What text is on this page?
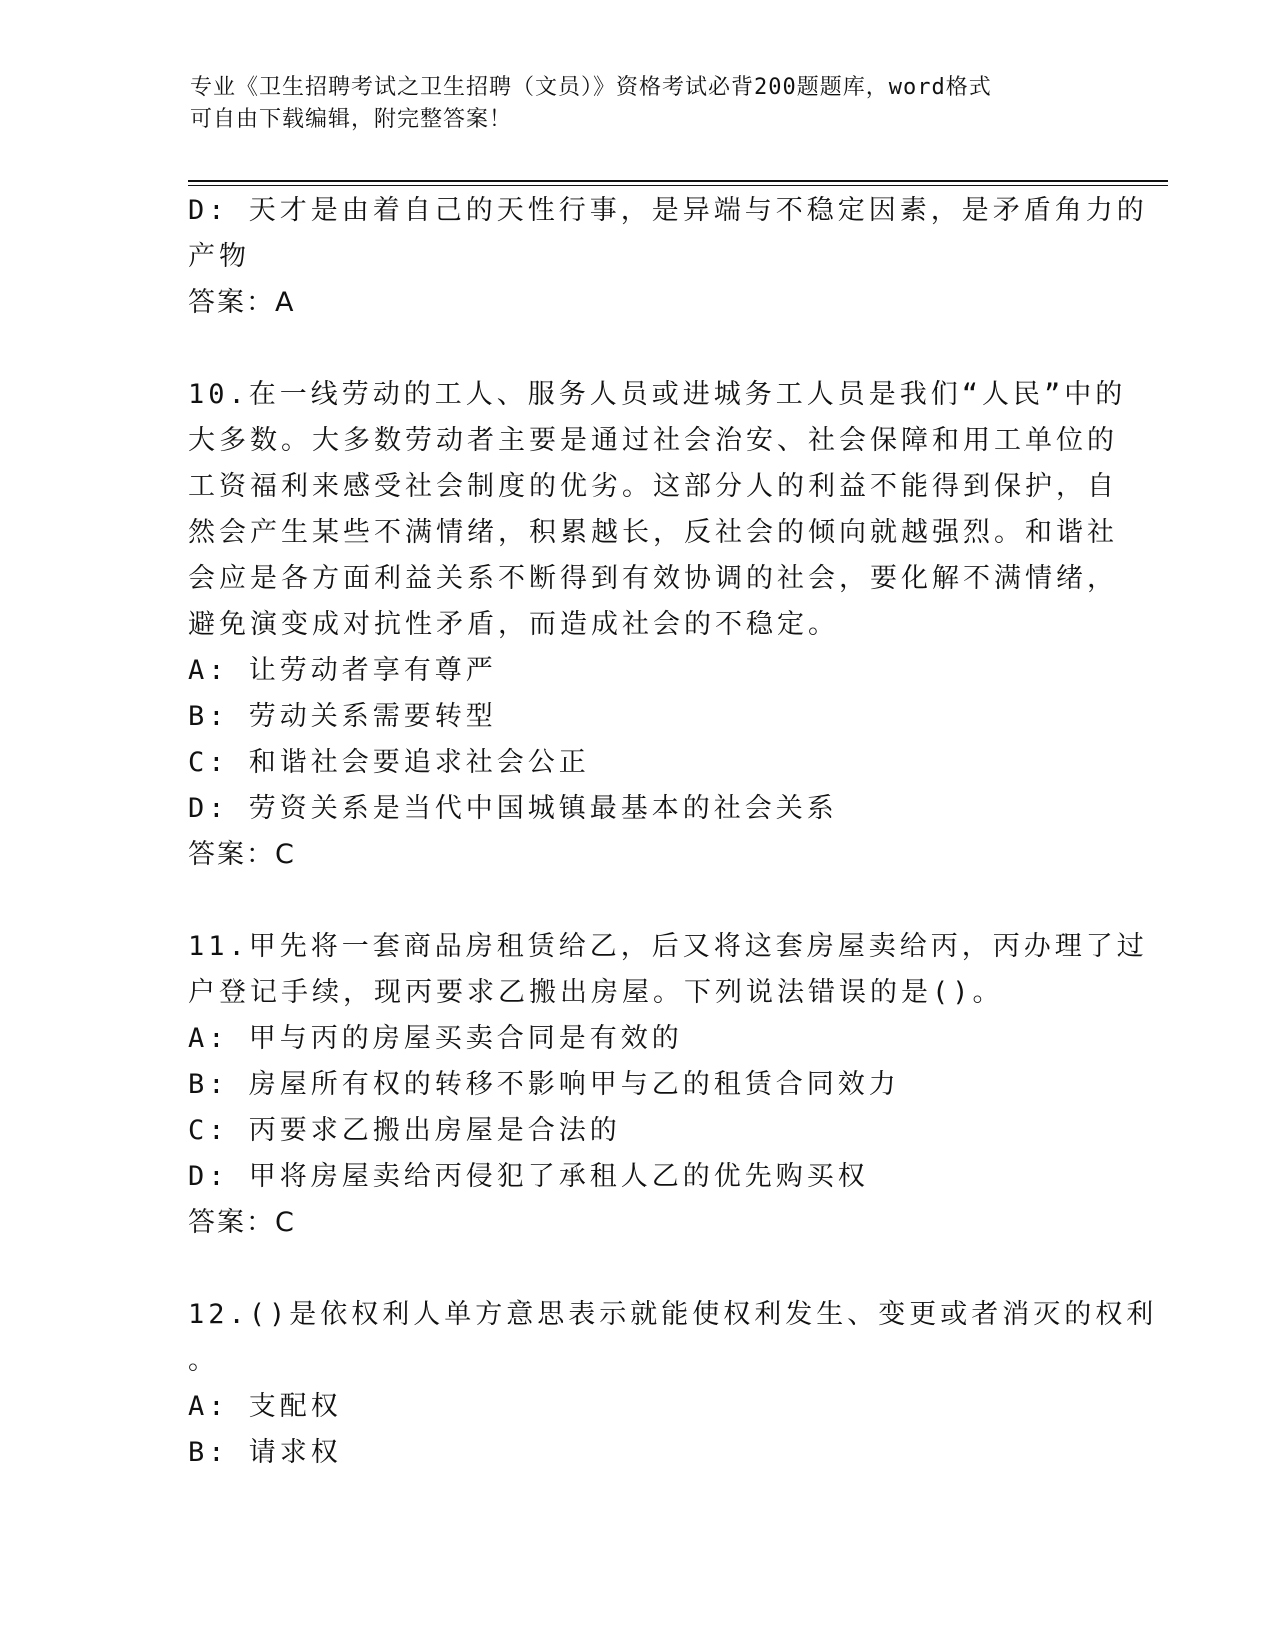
专业《卫生招聘考试之卫生招聘（文员）》资格考试必背200题题库，word格式
可自由下载编辑，附完整答案！
D: 天才是由着自己的天性行事，是异端与不稳定因素，是矛盾角力的
产物
答案：A
10.在一线劳动的工人、服务人员或进城务工人员是我们“人民”中的
大多数。大多数劳动者主要是通过社会治安、社会保障和用工单位的
工资福利来感受社会制度的优劣。这部分人的利益不能得到保护，自
然会产生某些不满情绪，积累越长，反社会的倾向就越强烈。和谐社
会应是各方面利益关系不断得到有效协调的社会，要化解不满情绪，
避免演变成对抗性矛盾，而造成社会的不稳定。
A: 让劳动者享有尊严
B: 劳动关系需要转型
C: 和谐社会要追求社会公正
D: 劳资关系是当代中国城镇最基本的社会关系
答案：C
11.甲先将一套商品房租赁给乙，后又将这套房屋卖给丙，丙办理了过
户登记手续，现丙要求乙搬出房屋。下列说法错误的是()。
A: 甲与丙的房屋买卖合同是有效的
B: 房屋所有权的转移不影响甲与乙的租赁合同效力
C: 丙要求乙搬出房屋是合法的
D: 甲将房屋卖给丙侵犯了承租人乙的优先购买权
答案：C
12.()是依权利人单方意思表示就能使权利发生、变更或者消灭的权利
。
A: 支配权
B: 请求权
